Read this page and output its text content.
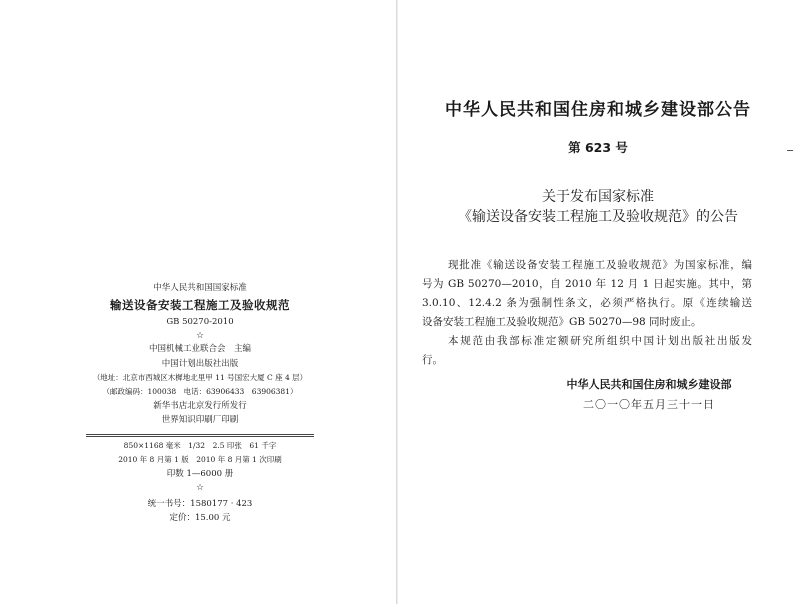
中华人民共和国国家标准
输送设备安装工程施工及验收规范
GB 50270-2010
☆
中国机械工业联合会　主编
中国计划出版社出版
（地址：北京市西城区木樨地北里甲 11 号国宏大厦 C 座 4 层）
（邮政编码：100038　电话：63906433　63906381）
新华书店北京发行所发行
世界知识印刷厂印刷
850×1168 毫米　1/32　2.5 印张　61 千字
2010 年 8 月第 1 版　2010 年 8 月第 1 次印刷
印数 1—6000 册
☆
统一书号：1580177 · 423
定价：15.00 元
中华人民共和国住房和城乡建设部公告
第 623 号
关于发布国家标准
《输送设备安装工程施工及验收规范》的公告
现批准《输送设备安装工程施工及验收规范》为国家标准，编
号为 GB 50270—2010，自 2010 年 12 月 1 日起实施。其中，第
3.0.10、12.4.2 条为强制性条文，必须严格执行。原《连续输送
设备安装工程施工及验收规范》GB 50270—98 同时废止。
本规范由我部标准定额研究所组织中国计划出版社出版发
行。
中华人民共和国住房和城乡建设部
二〇一〇年五月三十一日
